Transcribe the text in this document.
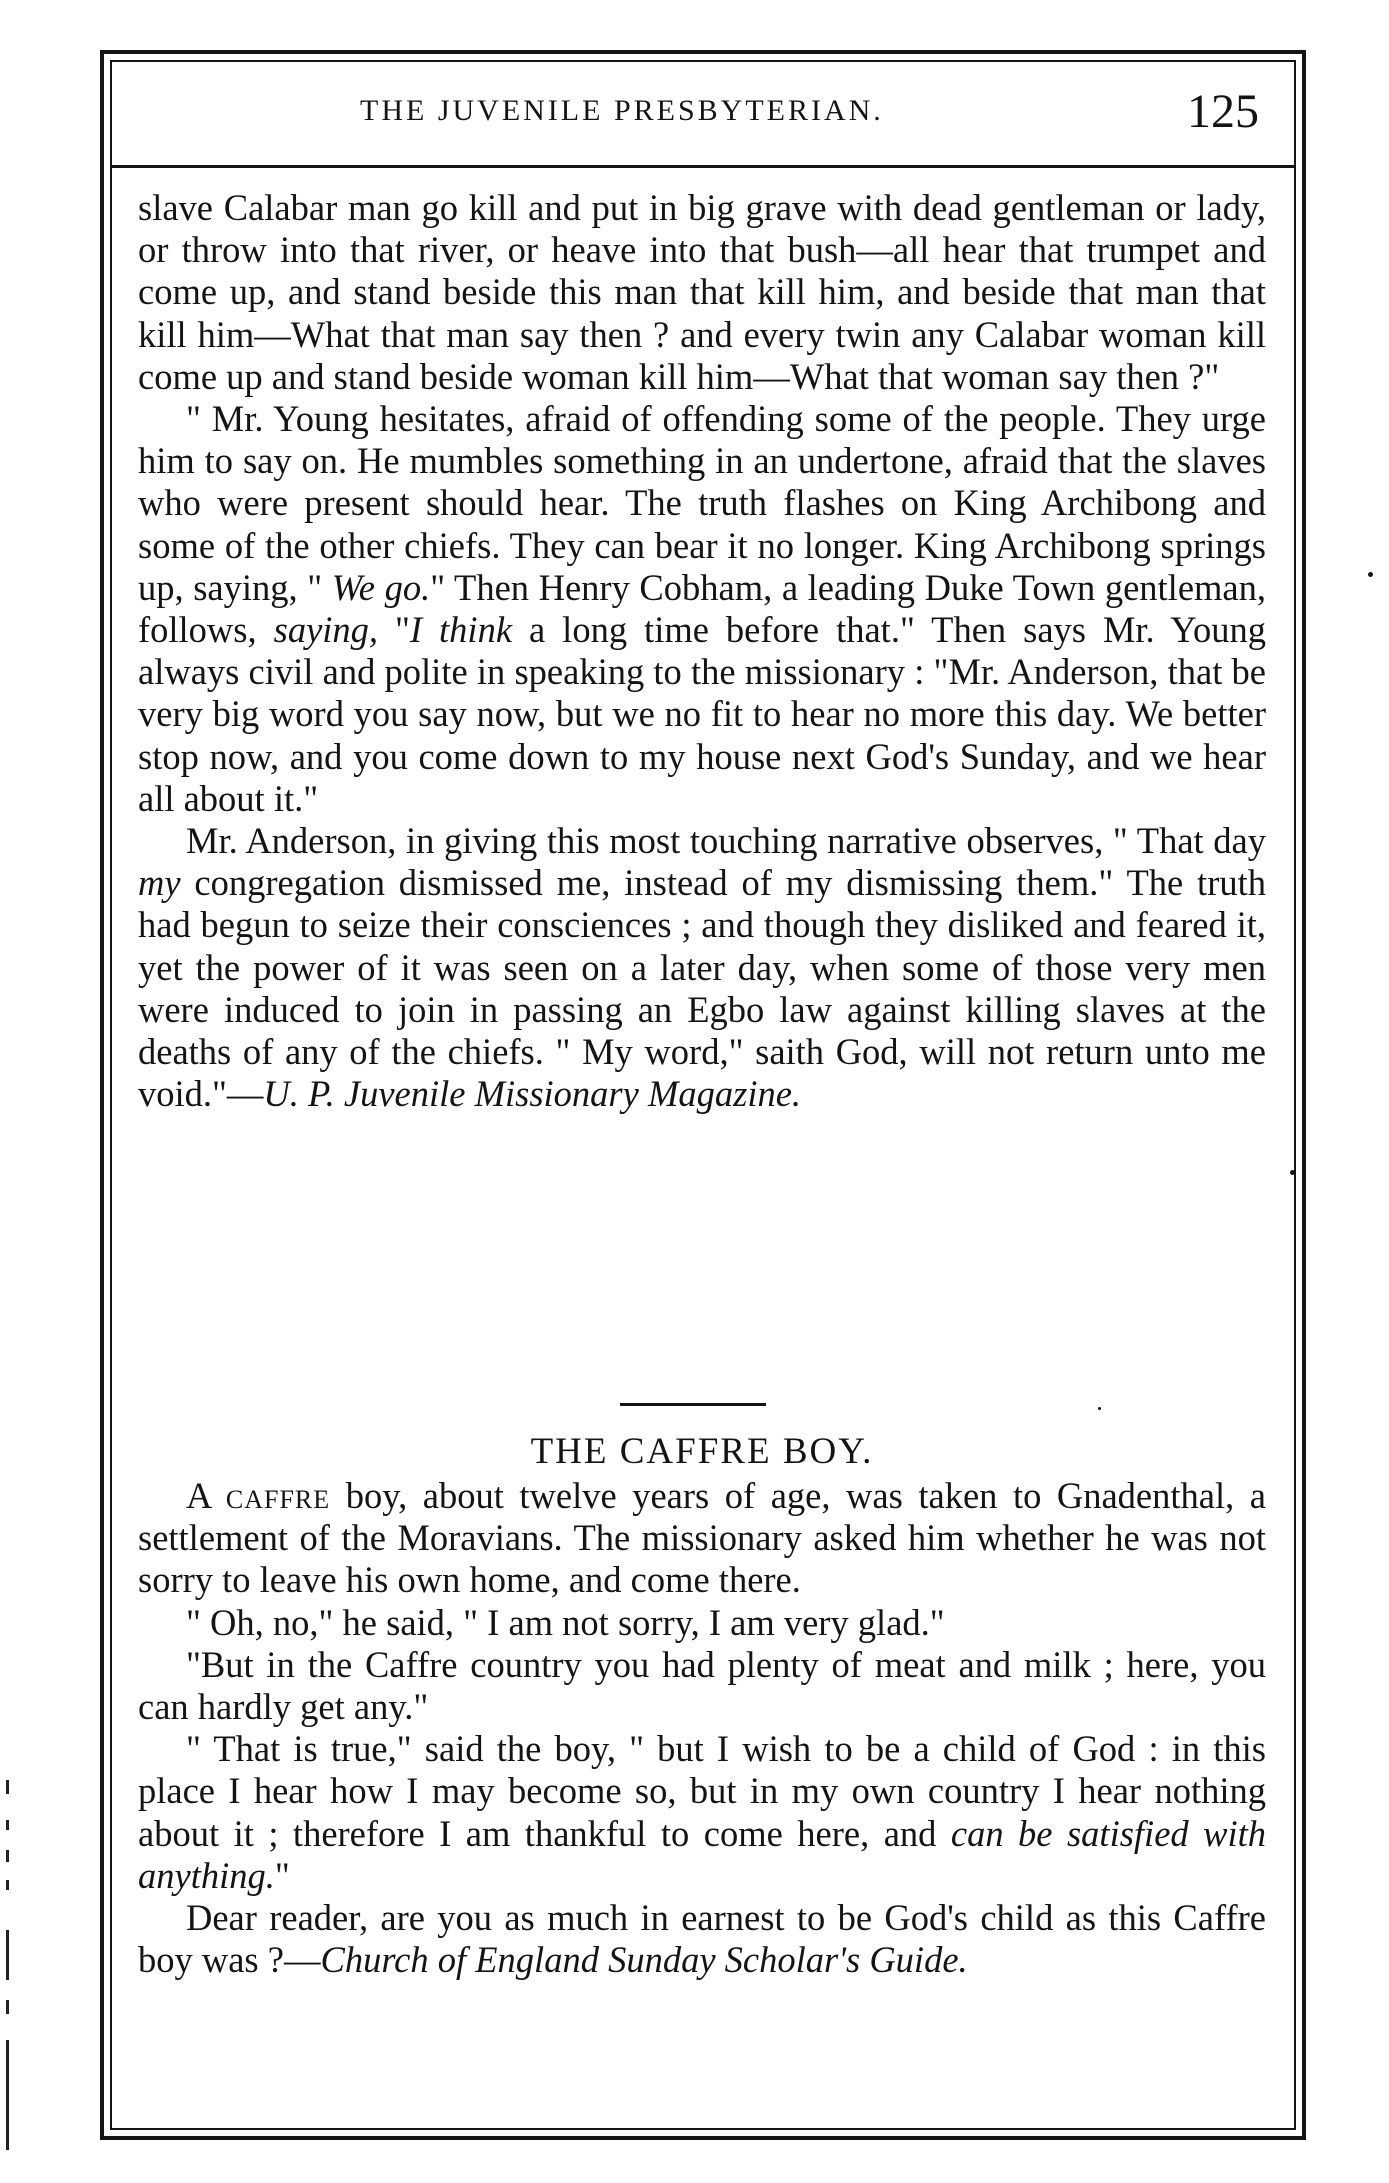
THE JUVENILE PRESBYTERIAN.	125

slave Calabar man go kill and put in big grave with dead gentleman or lady, or throw into that river, or heave into that bush—all hear that trumpet and come up, and stand beside this man that kill him, and beside that man that kill him—What that man say then ? and every twin any Calabar woman kill come up and stand beside woman kill him—What that woman say then ?"

" Mr. Young hesitates, afraid of offending some of the people. They urge him to say on. He mumbles something in an undertone, afraid that the slaves who were present should hear. The truth flashes on King Archibong and some of the other chiefs. They can bear it no longer. King Archibong springs up, saying, " We go." Then Henry Cobham, a leading Duke Town gentleman, follows, saying, "I think a long time before that." Then says Mr. Young always civil and polite in speaking to the missionary : "Mr. Anderson, that be very big word you say now, but we no fit to hear no more this day. We better stop now, and you come down to my house next God's Sunday, and we hear all about it."

Mr. Anderson, in giving this most touching narrative observes, " That day my congregation dismissed me, instead of my dismissing them." The truth had begun to seize their consciences ; and though they disliked and feared it, yet the power of it was seen on a later day, when some of those very men were induced to join in passing an Egbo law against killing slaves at the deaths of any of the chiefs. " My word," saith God, will not return unto me void."—U. P. Juvenile Missionary Magazine.

THE CAFFRE BOY.

A caffre boy, about twelve years of age, was taken to Gnadenthal, a settlement of the Moravians. The missionary asked him whether he was not sorry to leave his own home, and come there.

" Oh, no," he said, " I am not sorry, I am very glad."

"But in the Caffre country you had plenty of meat and milk ; here, you can hardly get any."

" That is true," said the boy, " but I wish to be a child of God : in this place I hear how I may become so, but in my own country I hear nothing about it ; therefore I am thankful to come here, and can be satisfied with anything."

Dear reader, are you as much in earnest to be God's child as this Caffre boy was ?—Church of England Sunday Scholar's Guide.
